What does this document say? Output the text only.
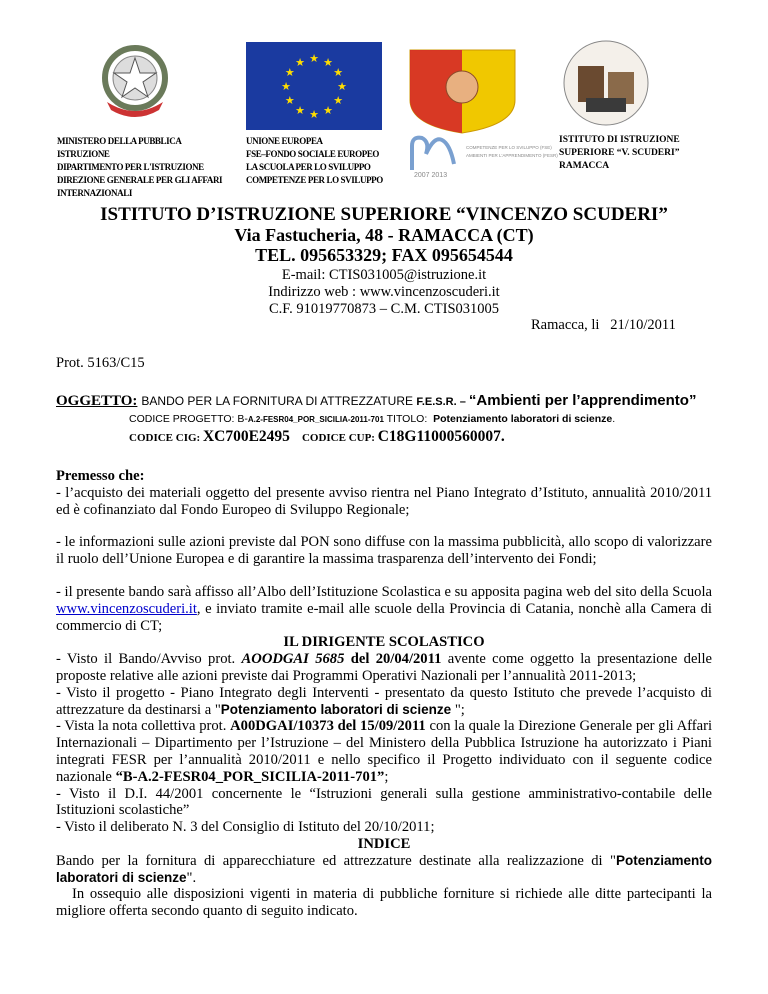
★ ★
★
★
★
★
★
★
★
★
★
★
MINISTERO DELLA PUBBLICA
ISTRUZIONE
DIPARTIMENTO PER L'ISTRUZIONE
DIREZIONE GENERALE PER GLI AFFARI
INTERNAZIONALI
UNIONE EUROPEA
FSE–FONDO SOCIALE EUROPEO
LA SCUOLA PER LO SVILUPPO
COMPETENZE PER LO SVILUPPO
COMPETENZE PER LO SVILUPPO (FSE)
AMBIENTI PER L'APPRENDIMENTO (FESR)
2007 2013
ISTITUTO DI ISTRUZIONE
SUPERIORE “V. SCUDERI”
RAMACCA
ISTITUTO D’ISTRUZIONE SUPERIORE “VINCENZO SCUDERI”
Via Fastucheria, 48 - RAMACCA (CT)
TEL. 095653329; FAX 095654544
E-mail: CTIS031005@istruzione.it
Indirizzo web : www.vincenzoscuderi.it
C.F. 91019770873 – C.M. CTIS031005
Ramacca, li   21/10/2011
Prot. 5163/C15
OGGETTO: BANDO PER LA FORNITURA DI ATTREZZATURE F.E.S.R. – “Ambienti per l’apprendimento”
CODICE PROGETTO: B-A.2-FESR04_POR_SICILIA-2011-701 TITOLO:  Potenziamento laboratori di scienze.
CODICE CIG: XC700E2495 CODICE CUP: C18G11000560007.

Premesso che:

- l’acquisto dei materiali oggetto del presente avviso rientra nel Piano Integrato d’Istituto, annualità 2010/2011 ed è cofinanziato dal Fondo Europeo di Sviluppo Regionale;

- le informazioni sulle azioni previste dal PON sono diffuse con la massima pubblicità, allo scopo di valorizzare il ruolo dell’Unione Europea e di garantire la massima trasparenza dell’intervento dei Fondi;

- il presente bando sarà affisso all’Albo dell’Istituzione Scolastica e su apposita pagina web del sito della Scuola www.vincenzoscuderi.it, e inviato tramite e-mail alle scuole della Provincia di Catania, nonchè alla Camera di commercio di CT;

IL DIRIGENTE SCOLASTICO

- Visto il Bando/Avviso prot. AOODGAI 5685 del 20/04/2011 avente come oggetto la presentazione delle proposte relative alle azioni previste dai Programmi Operativi Nazionali per l’annualità 2011-2013;

- Visto il progetto - Piano Integrato degli Interventi - presentato da questo Istituto che prevede l’acquisto di attrezzature da destinarsi a "Potenziamento laboratori di scienze ";

- Vista la nota collettiva prot. A00DGAI/10373 del 15/09/2011 con la quale la Direzione Generale per gli Affari Internazionali – Dipartimento per l’Istruzione – del Ministero della Pubblica Istruzione ha autorizzato i Piani integrati FESR per l’annualità 2010/2011 e nello specifico il Progetto individuato con il seguente codice nazionale “B-A.2-FESR04_POR_SICILIA-2011-701”;

- Visto il D.I. 44/2001 concernente le “Istruzioni generali sulla gestione amministrativo-contabile delle Istituzioni scolastiche”

- Visto il deliberato N. 3 del Consiglio di Istituto del 20/10/2011;

INDICE

Bando per la fornitura di apparecchiature ed attrezzature destinate alla realizzazione di "Potenziamento laboratori di scienze".

In ossequio alle disposizioni vigenti in materia di pubbliche forniture si richiede alle ditte partecipanti la migliore offerta secondo quanto di seguito indicato.
